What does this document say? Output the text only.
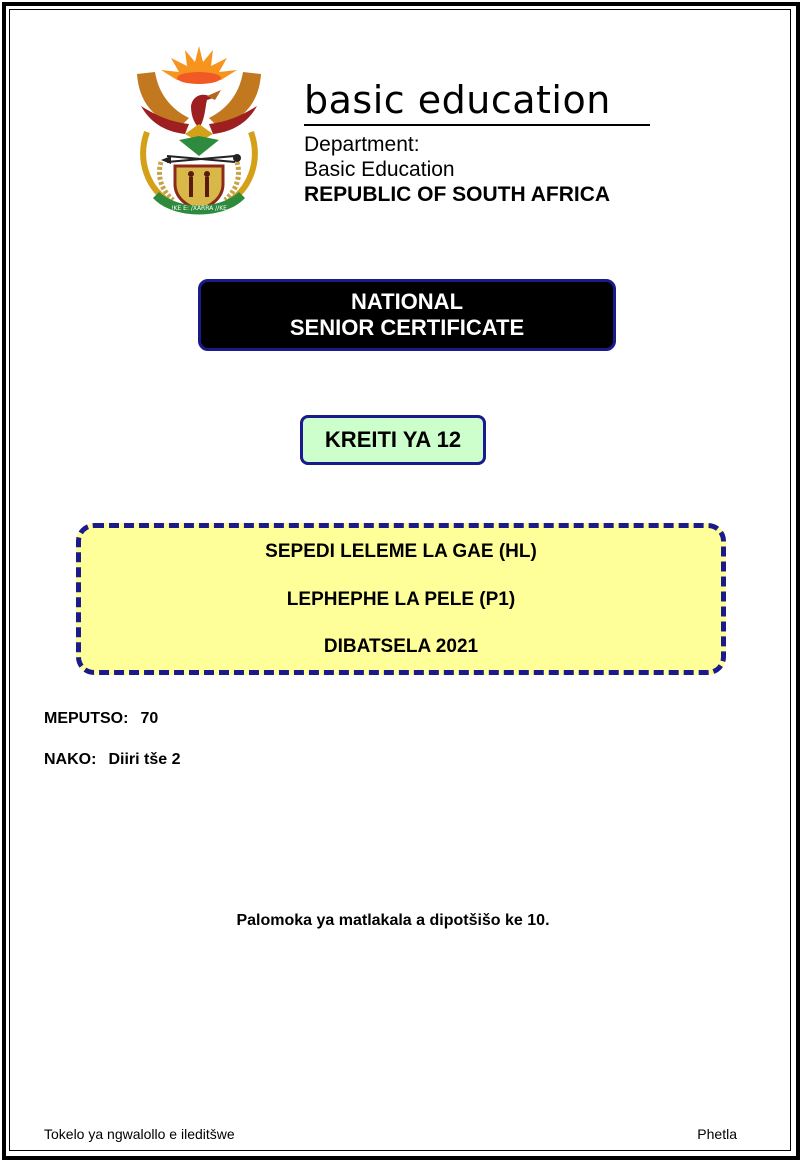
!KE E: /XARRA //KE
basic education
Department:
Basic Education
REPUBLIC OF SOUTH AFRICA
NATIONAL
SENIOR CERTIFICATE
KREITI YA 12
SEPEDI LELEME LA GAE (HL)
LEPHEPHE LA PELE (P1)
DIBATSELA 2021
MEPUTSO: 70
NAKO: Diiri tše 2
Palomoka ya matlakala a dipotšišo ke 10.
Tokelo ya ngwalollo e ileditšwe	Phetla
